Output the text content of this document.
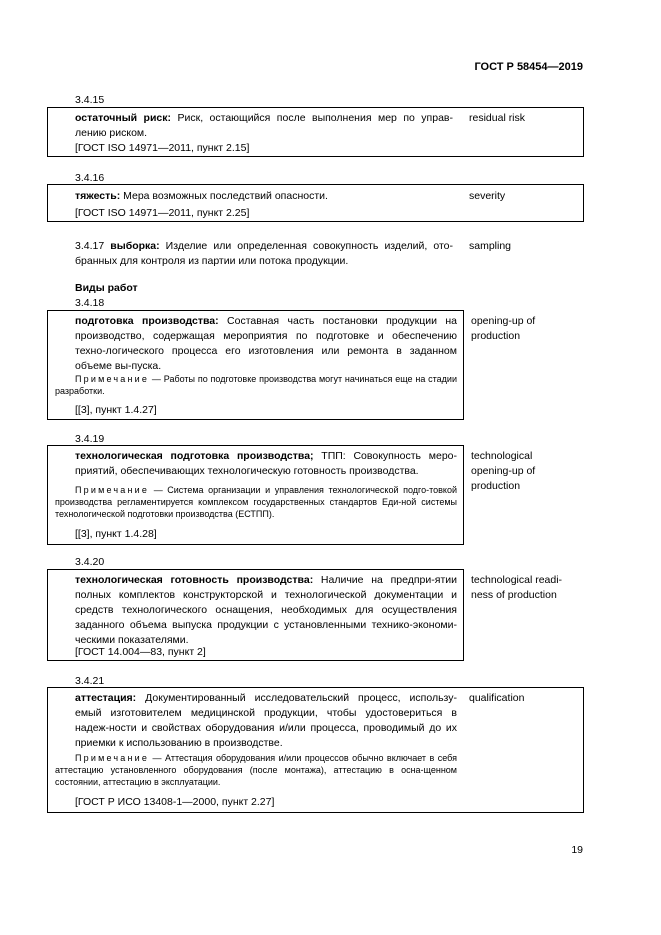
ГОСТ Р 58454—2019
3.4.15
остаточный риск: Риск, остающийся после выполнения мер по управ-лению риском.
[ГОСТ ISO 14971—2011, пункт 2.15]
residual risk
3.4.16
тяжесть: Мера возможных последствий опасности.
[ГОСТ ISO 14971—2011, пункт 2.25]
severity
3.4.17 выборка: Изделие или определенная совокупность изделий, ото-бранных для контроля из партии или потока продукции.
sampling
Виды работ
3.4.18
подготовка производства: Составная часть постановки продукции на производство, содержащая мероприятия по подготовке и обеспечению техно-логического процесса его изготовления или ремонта в заданном объеме вы-пуска.
Примечание — Работы по подготовке производства могут начинаться еще на стадии разработки.
[[3], пункт 1.4.27]
opening-up of production
3.4.19
технологическая подготовка производства; ТПП: Совокупность меро-приятий, обеспечивающих технологическую готовность производства.
Примечание — Система организации и управления технологической подго-товкой производства регламентируется комплексом государственных стандартов Еди-ной системы технологической подготовки производства (ЕСТПП).
[[3], пункт 1.4.28]
technological opening-up of production
3.4.20
технологическая готовность производства: Наличие на предпри-ятии полных комплектов конструкторской и технологической документации и средств технологического оснащения, необходимых для осуществления заданного объема выпуска продукции с установленными технико-экономи-ческими показателями.
[ГОСТ 14.004—83, пункт 2]
technological readi-ness of production
3.4.21
аттестация: Документированный исследовательский процесс, использу-емый изготовителем медицинской продукции, чтобы удостовериться в надеж-ности и свойствах оборудования и/или процесса, проводимый до их приемки к использованию в производстве.
Примечание — Аттестация оборудования и/или процессов обычно включает в себя аттестацию установленного оборудования (после монтажа), аттестацию в осна-щенном состоянии, аттестацию в эксплуатации.
[ГОСТ Р ИСО 13408-1—2000, пункт 2.27]
qualification
19
